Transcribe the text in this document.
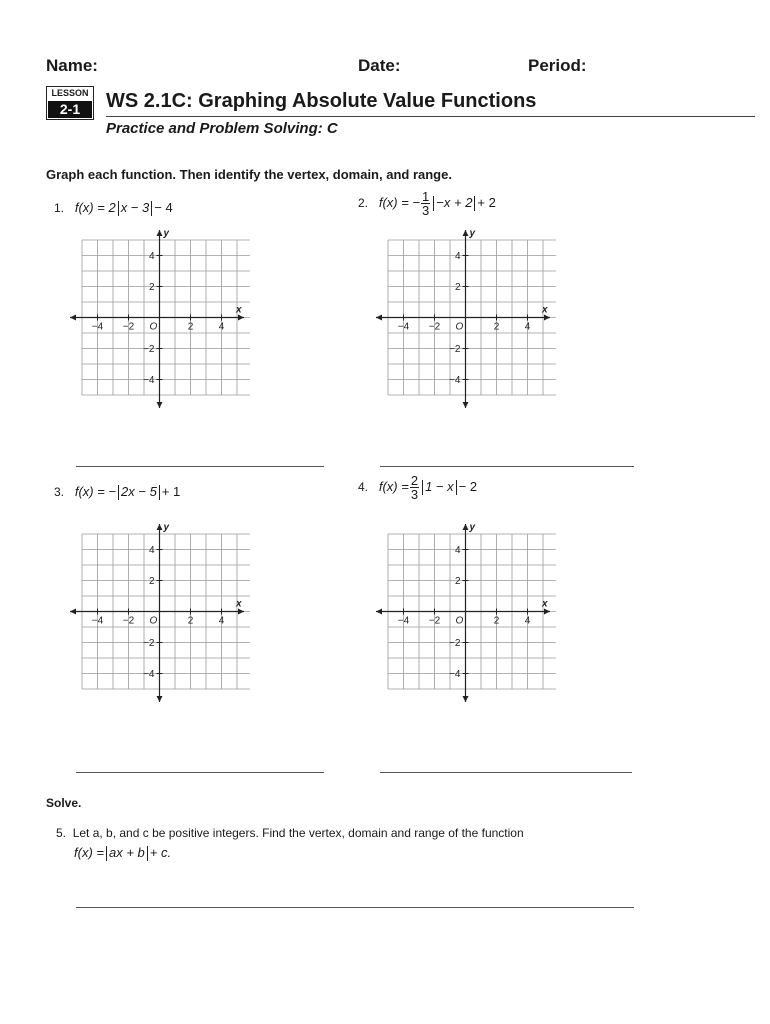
Name:	Date:	Period:
LESSON
2-1	WS 2.1C: Graphing Absolute Value Functions
Practice and Problem Solving: C
Graph each function. Then identify the vertex, domain, and range.
1. f(x) = 2 x − 3 − 4	2. f(x) = − $\frac{1}{3} -x + 2 + 2$
3. f(x) = − 2x − 5 + 1	4. $f(x) = \frac{2}{3} 1 - x - 2$
x
y
O
−4 −2	2	4
4
2
−2
−4
x
y
O
−4 −2	2	4
4
2
−2
−4
x
y
O
−4 −2	2	4
4
2
−2
−4
x
y
O
−4 −2	2	4
4
2
−2
−4
Solve.
5. Let a, b, and c be positive integers. Find the vertex, domain and range of the function
f(x) = ax + b + c.
